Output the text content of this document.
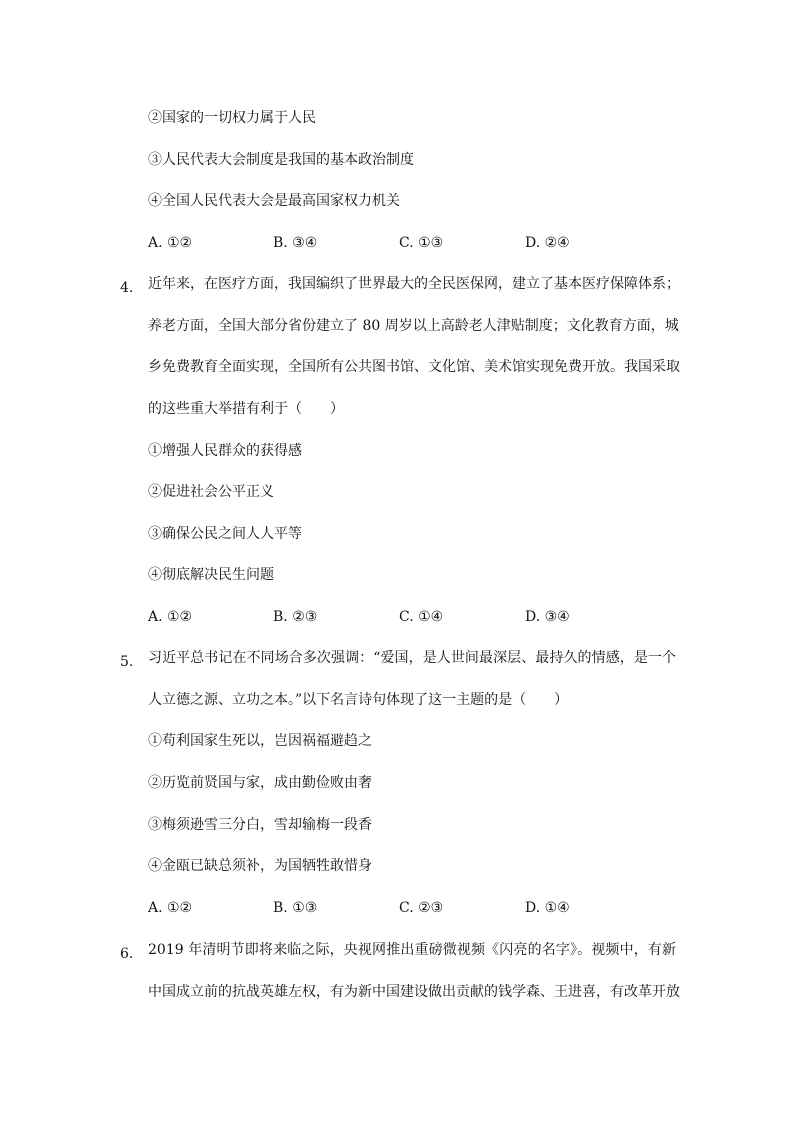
②国家的一切权力属于人民
③人民代表大会制度是我国的基本政治制度
④全国人民代表大会是最高国家权力机关
A. ①②	B. ③④	C. ①③	D. ②④
4. 近年来，在医疗方面，我国编织了世界最大的全民医保网，建立了基本医疗保障体系；
养老方面，全国大部分省份建立了 80 周岁以上高龄老人津贴制度；文化教育方面，城
乡免费教育全面实现，全国所有公共图书馆、文化馆、美术馆实现免费开放。我国采取
的这些重大举措有利于（　　）
①增强人民群众的获得感
②促进社会公平正义
③确保公民之间人人平等
④彻底解决民生问题
A. ①②	B. ②③	C. ①④	D. ③④
5. 习近平总书记在不同场合多次强调：“爱国，是人世间最深层、最持久的情感，是一个
人立德之源、立功之本。”以下名言诗句体现了这一主题的是（　　）
①苟利国家生死以，岂因祸福避趋之
②历览前贤国与家，成由勤俭败由奢
③梅须逊雪三分白，雪却输梅一段香
④金瓯已缺总须补，为国牺牲敢惜身
A. ①②	B. ①③	C. ②③	D. ①④
6. 2019 年清明节即将来临之际，央视网推出重磅微视频《闪亮的名字》。视频中，有新
中国成立前的抗战英雄左权，有为新中国建设做出贡献的钱学森、王进喜，有改革开放
